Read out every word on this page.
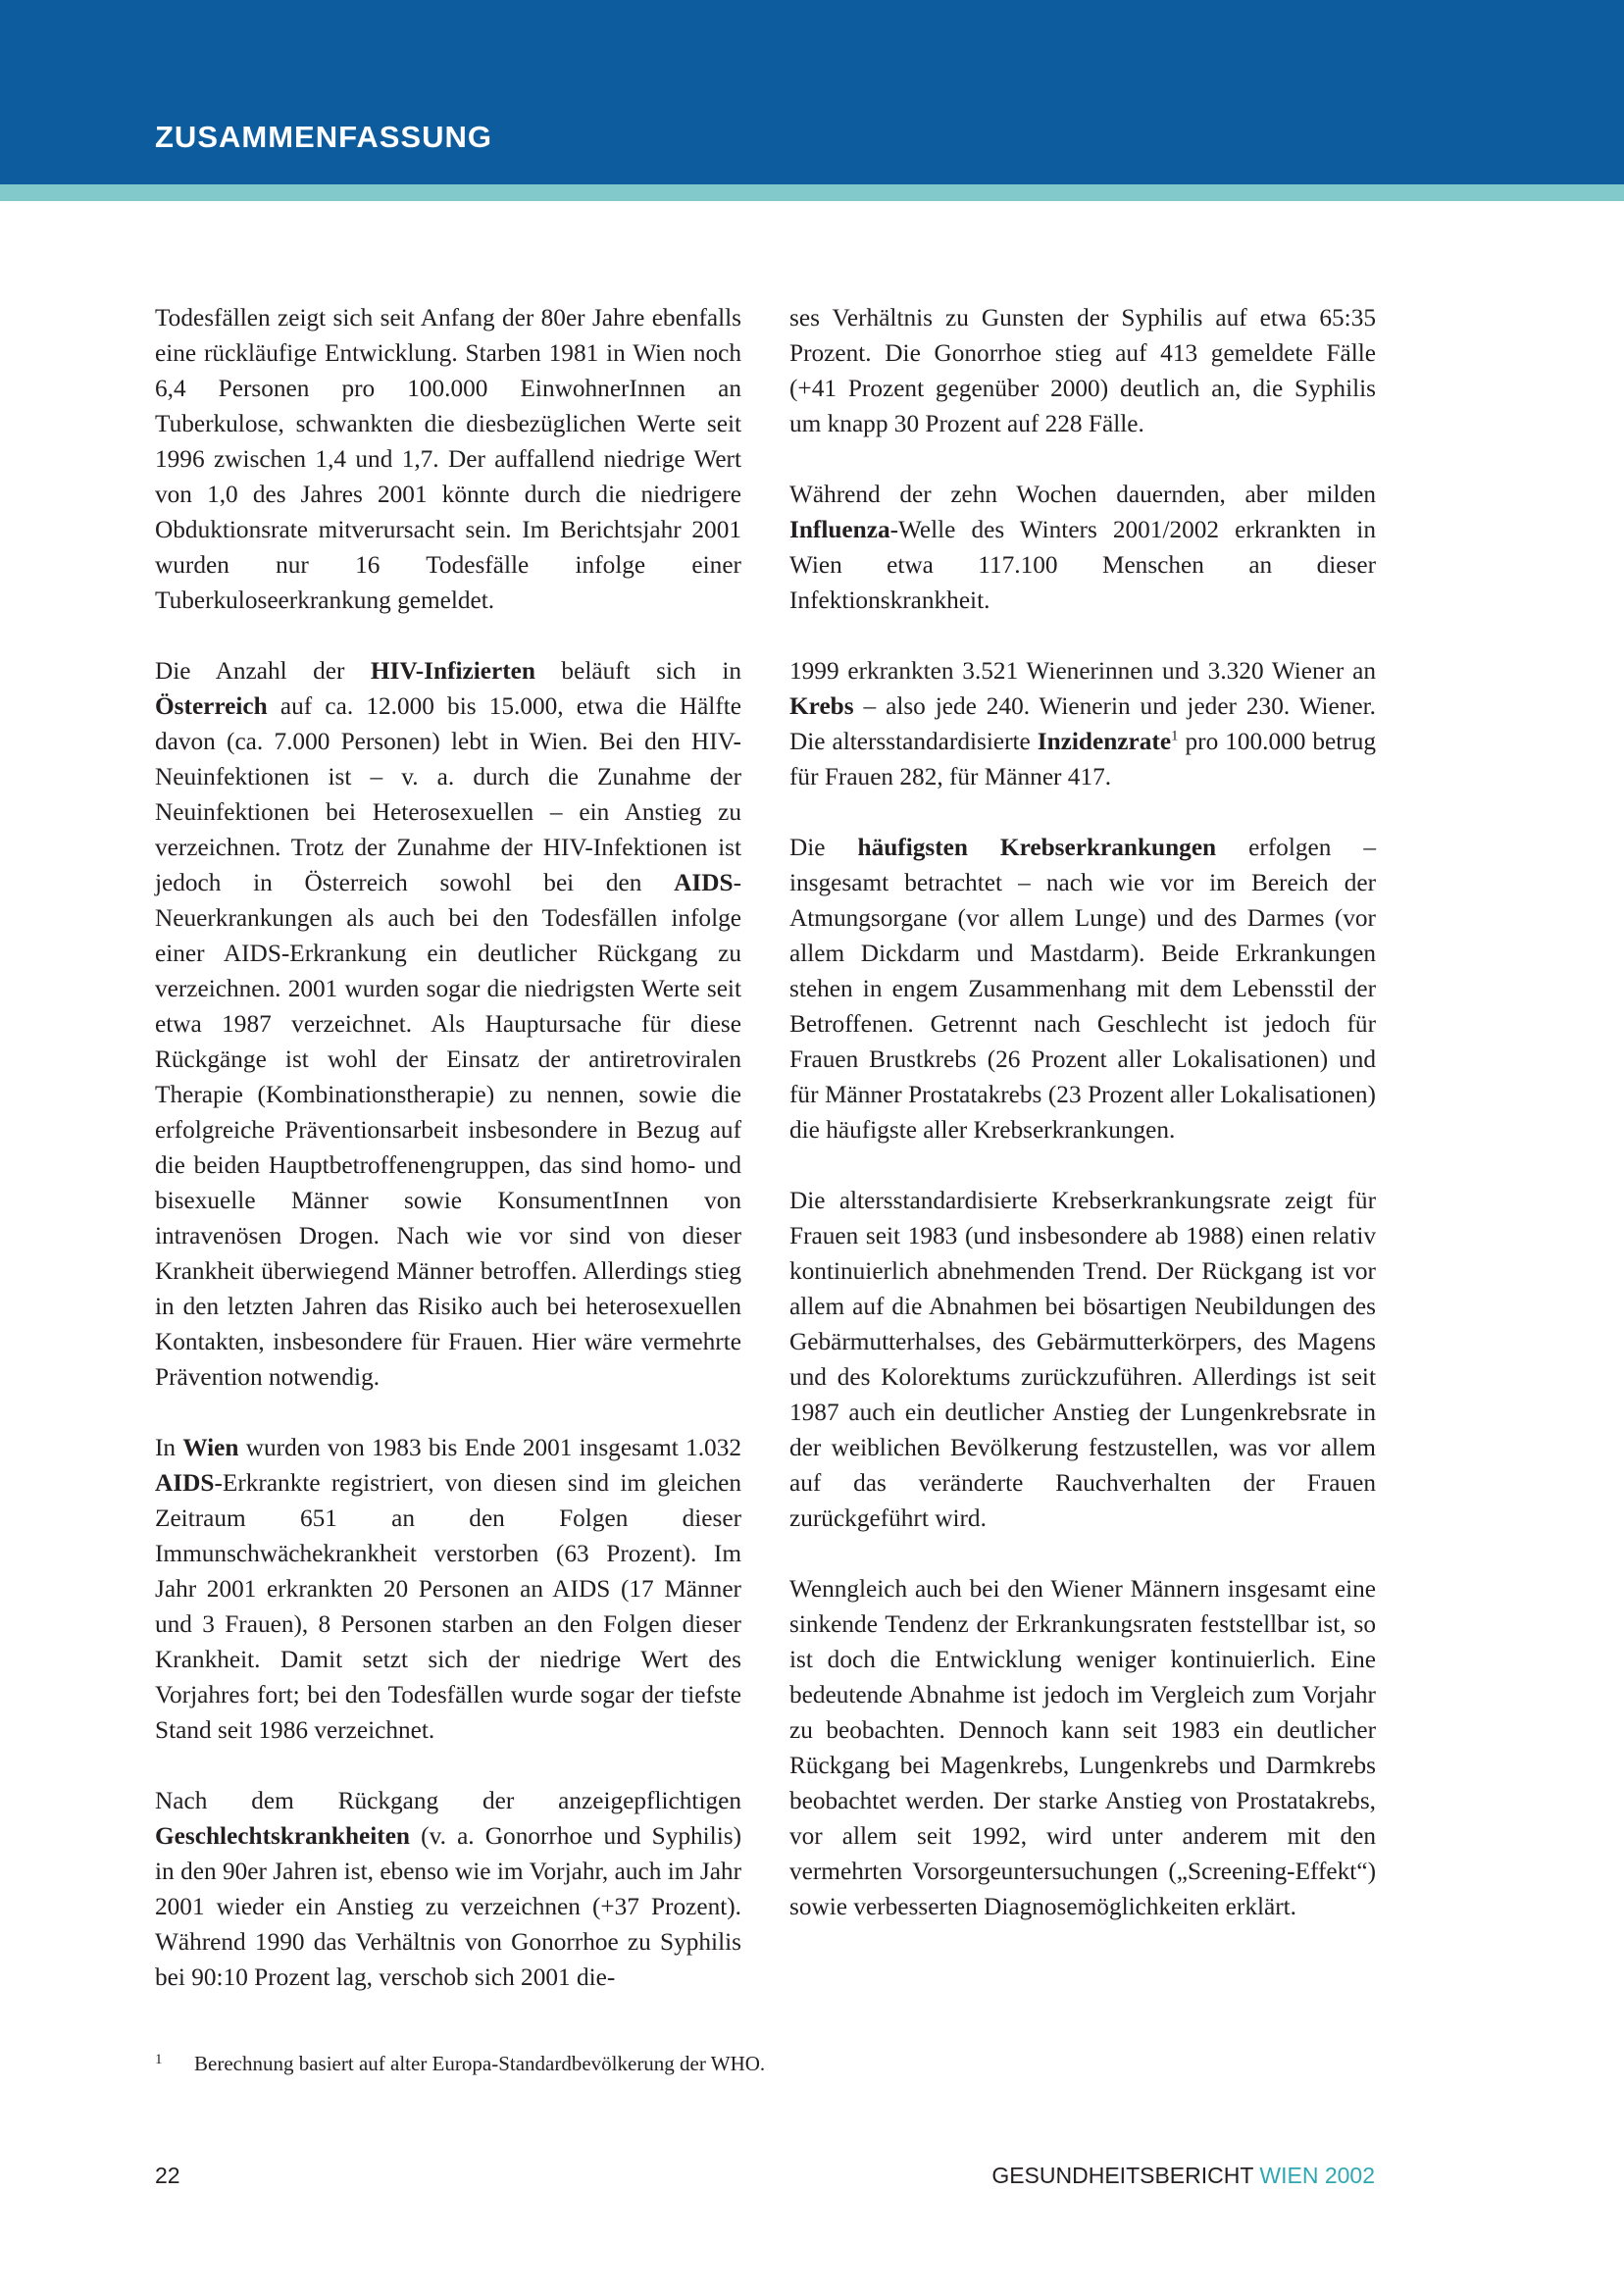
ZUSAMMENFASSUNG

Todesfällen zeigt sich seit Anfang der 80er Jahre ebenfalls eine rückläufige Entwicklung. Starben 1981 in Wien noch 6,4 Personen pro 100.000 EinwohnerInnen an Tuberkulose, schwankten die diesbezüglichen Werte seit 1996 zwischen 1,4 und 1,7. Der auffallend niedrige Wert von 1,0 des Jahres 2001 könnte durch die niedrigere Obduktionsrate mitverursacht sein. Im Berichtsjahr 2001 wurden nur 16 Todesfälle infolge einer Tuberkuloseerkrankung gemeldet.

Die Anzahl der HIV-Infizierten beläuft sich in Österreich auf ca. 12.000 bis 15.000, etwa die Hälfte davon (ca. 7.000 Personen) lebt in Wien. Bei den HIV-Neuinfektionen ist – v. a. durch die Zunahme der Neuinfektionen bei Heterosexuellen – ein Anstieg zu verzeichnen. Trotz der Zunahme der HIV-Infektionen ist jedoch in Österreich sowohl bei den AIDS-Neuerkrankungen als auch bei den Todesfällen infolge einer AIDS-Erkrankung ein deutlicher Rückgang zu verzeichnen. 2001 wurden sogar die niedrigsten Werte seit etwa 1987 verzeichnet. Als Hauptursache für diese Rückgänge ist wohl der Einsatz der antiretroviralen Therapie (Kombinationstherapie) zu nennen, sowie die erfolgreiche Präventionsarbeit insbesondere in Bezug auf die beiden Hauptbetroffenengruppen, das sind homo- und bisexuelle Männer sowie KonsumentInnen von intravenösen Drogen. Nach wie vor sind von dieser Krankheit überwiegend Männer betroffen. Allerdings stieg in den letzten Jahren das Risiko auch bei heterosexuellen Kontakten, insbesondere für Frauen. Hier wäre vermehrte Prävention notwendig.

In Wien wurden von 1983 bis Ende 2001 insgesamt 1.032 AIDS-Erkrankte registriert, von diesen sind im gleichen Zeitraum 651 an den Folgen dieser Immunschwächekrankheit verstorben (63 Prozent). Im Jahr 2001 erkrankten 20 Personen an AIDS (17 Männer und 3 Frauen), 8 Personen starben an den Folgen dieser Krankheit. Damit setzt sich der niedrige Wert des Vorjahres fort; bei den Todesfällen wurde sogar der tiefste Stand seit 1986 verzeichnet.

Nach dem Rückgang der anzeigepflichtigen Geschlechtskrankheiten (v. a. Gonorrhoe und Syphilis) in den 90er Jahren ist, ebenso wie im Vorjahr, auch im Jahr 2001 wieder ein Anstieg zu verzeichnen (+37 Prozent). Während 1990 das Verhältnis von Gonorrhoe zu Syphilis bei 90:10 Prozent lag, verschob sich 2001 die-

ses Verhältnis zu Gunsten der Syphilis auf etwa 65:35 Prozent. Die Gonorrhoe stieg auf 413 gemeldete Fälle (+41 Prozent gegenüber 2000) deutlich an, die Syphilis um knapp 30 Prozent auf 228 Fälle.

Während der zehn Wochen dauernden, aber milden Influenza-Welle des Winters 2001/2002 erkrankten in Wien etwa 117.100 Menschen an dieser Infektionskrankheit.

1999 erkrankten 3.521 Wienerinnen und 3.320 Wiener an Krebs – also jede 240. Wienerin und jeder 230. Wiener. Die altersstandardisierte Inzidenzrate$^1$ pro 100.000 betrug für Frauen 282, für Männer 417.

Die häufigsten Krebserkrankungen erfolgen – insgesamt betrachtet – nach wie vor im Bereich der Atmungsorgane (vor allem Lunge) und des Darmes (vor allem Dickdarm und Mastdarm). Beide Erkrankungen stehen in engem Zusammenhang mit dem Lebensstil der Betroffenen. Getrennt nach Geschlecht ist jedoch für Frauen Brustkrebs (26 Prozent aller Lokalisationen) und für Männer Prostatakrebs (23 Prozent aller Lokalisationen) die häufigste aller Krebserkrankungen.

Die altersstandardisierte Krebserkrankungsrate zeigt für Frauen seit 1983 (und insbesondere ab 1988) einen relativ kontinuierlich abnehmenden Trend. Der Rückgang ist vor allem auf die Abnahmen bei bösartigen Neubildungen des Gebärmutterhalses, des Gebärmutterkörpers, des Magens und des Kolorektums zurückzuführen. Allerdings ist seit 1987 auch ein deutlicher Anstieg der Lungenkrebsrate in der weiblichen Bevölkerung festzustellen, was vor allem auf das veränderte Rauchverhalten der Frauen zurückgeführt wird.

Wenngleich auch bei den Wiener Männern insgesamt eine sinkende Tendenz der Erkrankungsraten feststellbar ist, so ist doch die Entwicklung weniger kontinuierlich. Eine bedeutende Abnahme ist jedoch im Vergleich zum Vorjahr zu beobachten. Dennoch kann seit 1983 ein deutlicher Rückgang bei Magenkrebs, Lungenkrebs und Darmkrebs beobachtet werden. Der starke Anstieg von Prostatakrebs, vor allem seit 1992, wird unter anderem mit den vermehrten Vorsorgeuntersuchungen („Screening-Effekt“) sowie verbesserten Diagnosemöglichkeiten erklärt.

1 Berechnung basiert auf alter Europa-Standardbevölkerung der WHO.
22	GESUNDHEITSBERICHT WIEN 2002
